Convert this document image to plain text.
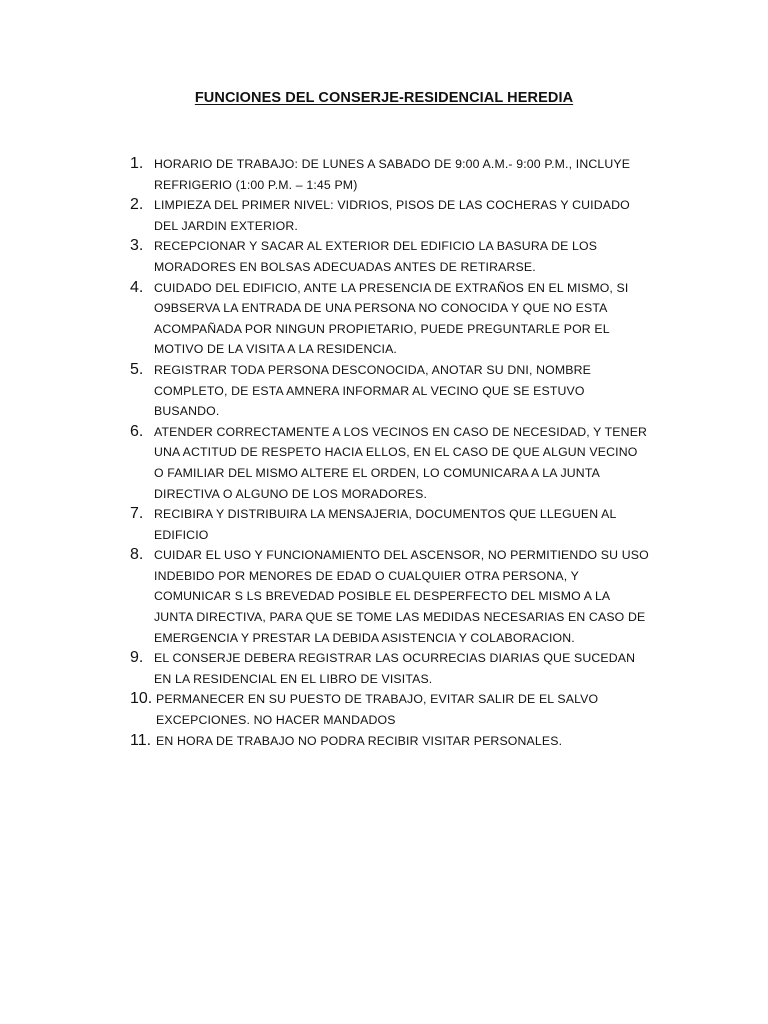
FUNCIONES DEL CONSERJE-RESIDENCIAL HEREDIA
1. HORARIO DE TRABAJO: DE LUNES A SABADO DE 9:00 A.M.- 9:00 P.M., INCLUYE REFRIGERIO (1:00 P.M. – 1:45 PM)
2. LIMPIEZA DEL PRIMER NIVEL: VIDRIOS, PISOS DE LAS COCHERAS Y CUIDADO DEL JARDIN EXTERIOR.
3. RECEPCIONAR Y SACAR AL EXTERIOR DEL EDIFICIO LA BASURA DE LOS MORADORES EN BOLSAS ADECUADAS ANTES DE RETIRARSE.
4. CUIDADO DEL EDIFICIO, ANTE LA PRESENCIA DE EXTRAÑOS EN EL MISMO, SI O9BSERVA LA ENTRADA DE UNA PERSONA NO CONOCIDA Y QUE NO ESTA ACOMPAÑADA POR NINGUN PROPIETARIO, PUEDE PREGUNTARLE POR EL MOTIVO DE LA VISITA A LA RESIDENCIA.
5. REGISTRAR TODA PERSONA DESCONOCIDA, ANOTAR SU DNI, NOMBRE COMPLETO, DE ESTA AMNERA INFORMAR AL VECINO QUE SE ESTUVO BUSANDO.
6. ATENDER CORRECTAMENTE A LOS VECINOS EN CASO DE NECESIDAD, Y TENER UNA ACTITUD DE RESPETO HACIA ELLOS, EN EL CASO DE QUE ALGUN VECINO O FAMILIAR DEL MISMO ALTERE EL ORDEN, LO COMUNICARA A LA JUNTA DIRECTIVA O ALGUNO DE LOS MORADORES.
7. RECIBIRA Y DISTRIBUIRA LA MENSAJERIA, DOCUMENTOS QUE LLEGUEN AL EDIFICIO
8. CUIDAR EL USO Y FUNCIONAMIENTO DEL ASCENSOR, NO PERMITIENDO SU USO INDEBIDO POR MENORES DE EDAD O CUALQUIER OTRA PERSONA, Y COMUNICAR S LS BREVEDAD POSIBLE EL DESPERFECTO DEL MISMO A LA JUNTA DIRECTIVA, PARA QUE SE TOME LAS MEDIDAS NECESARIAS EN CASO DE EMERGENCIA Y PRESTAR LA DEBIDA ASISTENCIA Y COLABORACION.
9. EL CONSERJE DEBERA REGISTRAR LAS OCURRECIAS DIARIAS QUE SUCEDAN EN LA RESIDENCIAL EN EL LIBRO DE VISITAS.
10. PERMANECER EN SU PUESTO DE TRABAJO, EVITAR SALIR DE EL SALVO EXCEPCIONES. NO HACER MANDADOS
11. EN HORA DE TRABAJO NO PODRA RECIBIR VISITAR PERSONALES.
